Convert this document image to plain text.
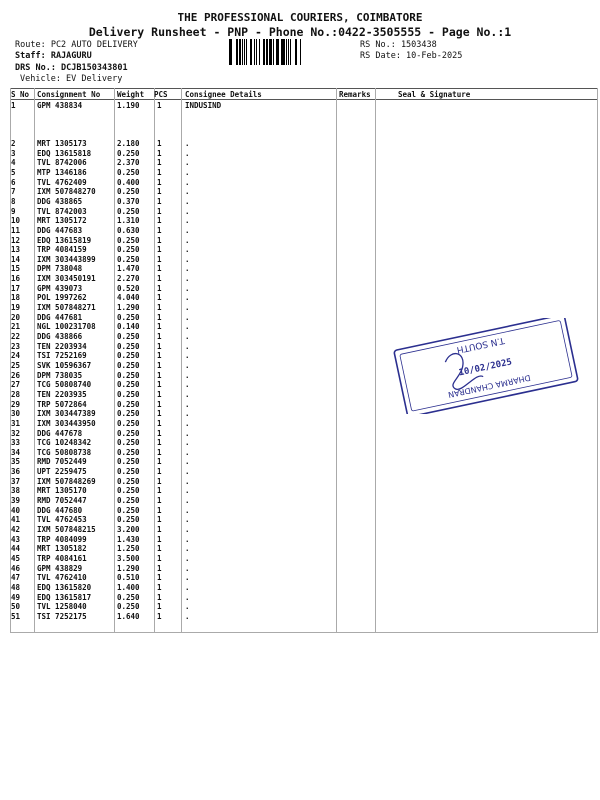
THE PROFESSIONAL COURIERS, COIMBATORE
Delivery Runsheet - PNP - Phone No.:0422-3505555 - Page No.:1
Route: PC2 AUTO DELIVERY
Staff: RAJAGURU
DRS No.: DCJB150343801
Vehicle: EV Delivery
RS No.: 1503438
RS Date: 10-Feb-2025
S No Consignment No Weight PCS Consignee Details	Remarks	Seal & Signature
1	GPM 438834	1.190 1	INDUSIND
2	MRT 1305173	2.180 1	.
3	EDQ 13615818	0.250 1	.
4	TVL 8742006	2.370 1	.
5	MTP 1346186	0.250 1	.
6	TVL 4762409	0.400 1	.
7	IXM 507848270	0.250 1	.
8	DDG 438865	0.370 1	.
9	TVL 8742003	0.250 1	.
10 MRT 1305172	1.310 1	.
11 DDG 447683	0.630 1	.
12 EDQ 13615819	0.250 1	.
13 TRP 4084159	0.250 1	.
14 IXM 303443899	0.250 1	.
15 DPM 738048	1.470 1	.
16 IXM 303450191	2.270 1	.
17 GPM 439073	0.520 1	.
18 POL 1997262	4.040 1	.
19 IXM 507848271	1.290 1	.
20 DDG 447681	0.250 1	.
21 NGL 100231708	0.140 1	.
22 DDG 438866	0.250 1	.
23 TEN 2203934	0.250 1	.
24 TSI 7252169	0.250 1	.
25 SVK 10596367	0.250 1	.
26 DPM 738035	0.250 1	.
27 TCG 50808740	0.250 1	.
28 TEN 2203935	0.250 1	.
29 TRP 5072864	0.250 1	.
30 IXM 303447389	0.250 1	.
31 IXM 303443950	0.250 1	.
32 DDG 447678	0.250 1	.
33 TCG 10248342	0.250 1	.
34 TCG 50808738	0.250 1	.
35 RMD 7052449	0.250 1	.
36 UPT 2259475	0.250 1	.
37 IXM 507848269	0.250 1	.
38 MRT 1305170	0.250 1	.
39 RMD 7052447	0.250 1	.
40 DDG 447680	0.250 1	.
41 TVL 4762453	0.250 1	.
42 IXM 507848215	3.200 1	.
43 TRP 4084099	1.430 1	.
44 MRT 1305182	1.250 1	.
45 TRP 4084161	3.500 1	.
46 GPM 438829	1.290 1	.
47 TVL 4762410	0.510 1	.
48 EDQ 13615820	1.400 1	.
49 EDQ 13615817	0.250 1	.
50 TVL 1258040	0.250 1	.
51 TSI 7252175	1.640 1	.
T.N SOUTH
10/02/2025
DHARMA CHANDRAN
